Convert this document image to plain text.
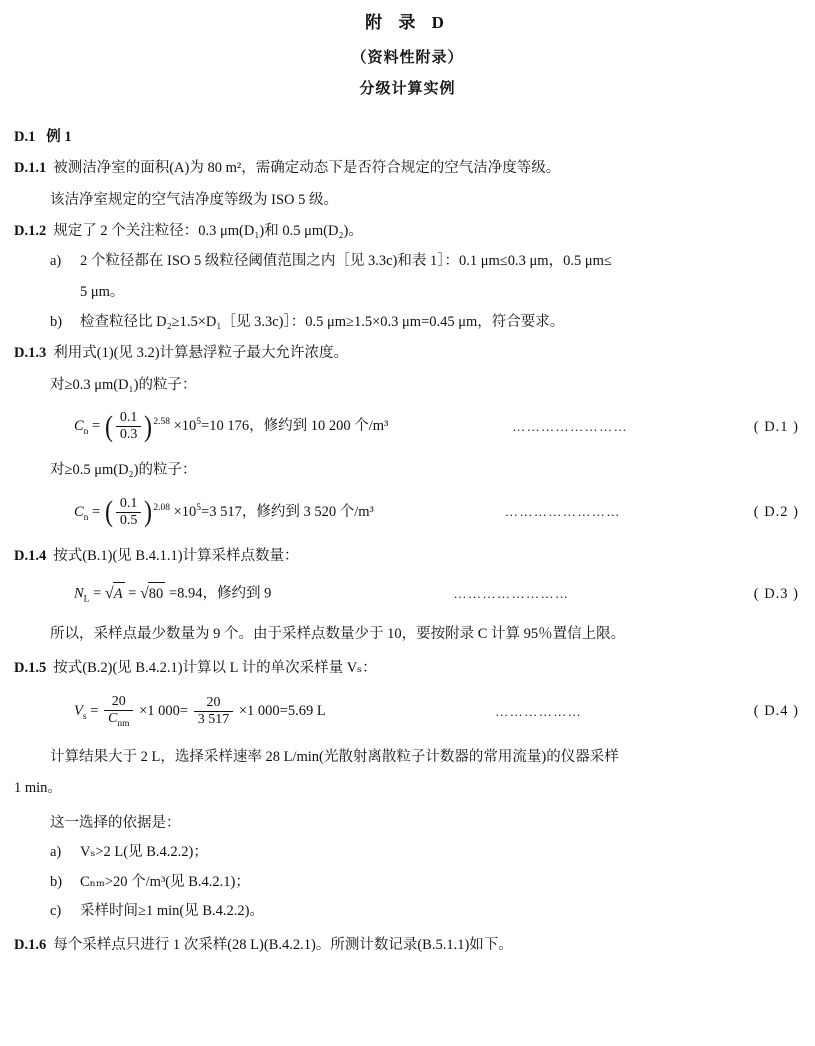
附 录 D
（资料性附录）
分级计算实例
D.1 例 1
D.1.1 被测洁净室的面积(A)为 80 m²，需确定动态下是否符合规定的空气洁净度等级。
该洁净室规定的空气洁净度等级为 ISO 5 级。
D.1.2 规定了 2 个关注粒径：0.3 μm(D₁)和 0.5 μm(D₂)。
a)	2 个粒径都在 ISO 5 级粒径阈值范围之内［见 3.3c)和表 1］：0.1 μm≤0.3 μm，0.5 μm≤
5 μm。
b)	检查粒径比 D₂≥1.5×D₁［见 3.3c)］：0.5 μm≥1.5×0.3 μm=0.45 μm，符合要求。
D.1.3 利用式(1)(见 3.2)计算悬浮粒子最大允许浓度。
对≥0.3 μm(D₁)的粒子：
$C_n$ = ( $\frac{0.1}{0.3} )^{2.58} \times 10^5=10$ 176，修约到 10 200 个/m³	……………………	( D.1 )
对≥0.5 μm(D₂)的粒子：
$C_n$ = ( $\frac{0.1}{0.5} )^{2.08} \times 10^5=3$ 517，修约到 3 520 个/m³	……………………	( D.2 )
D.1.4 按式(B.1)(见 B.4.1.1)计算采样点数量：
$N_L = √A = √80 =8.94$，修约到 9	……………………	( D.3 )
所以，采样点最少数量为 9 个。由于采样点数量少于 10，要按附录 C 计算 95％置信上限。
D.1.5 按式(B.2)(见 B.4.2.1)计算以 L 计的单次采样量 Vₛ：
$V_s = \frac{20}{C_{nm}} \times 1$ $000= \frac{20}{3 517} \times 1$ 000=5.69 L	………………	( D.4 )
计算结果大于 2 L，选择采样速率 28 L/min(光散射离散粒子计数器的常用流量)的仪器采样
1 min。
这一选择的依据是：
a)	Vₛ>2 L(见 B.4.2.2)；
b)	Cₙₘ>20 个/m³(见 B.4.2.1)；
c)	采样时间≥1 min(见 B.4.2.2)。
D.1.6 每个采样点只进行 1 次采样(28 L)(B.4.2.1)。所测计数记录(B.5.1.1)如下。
